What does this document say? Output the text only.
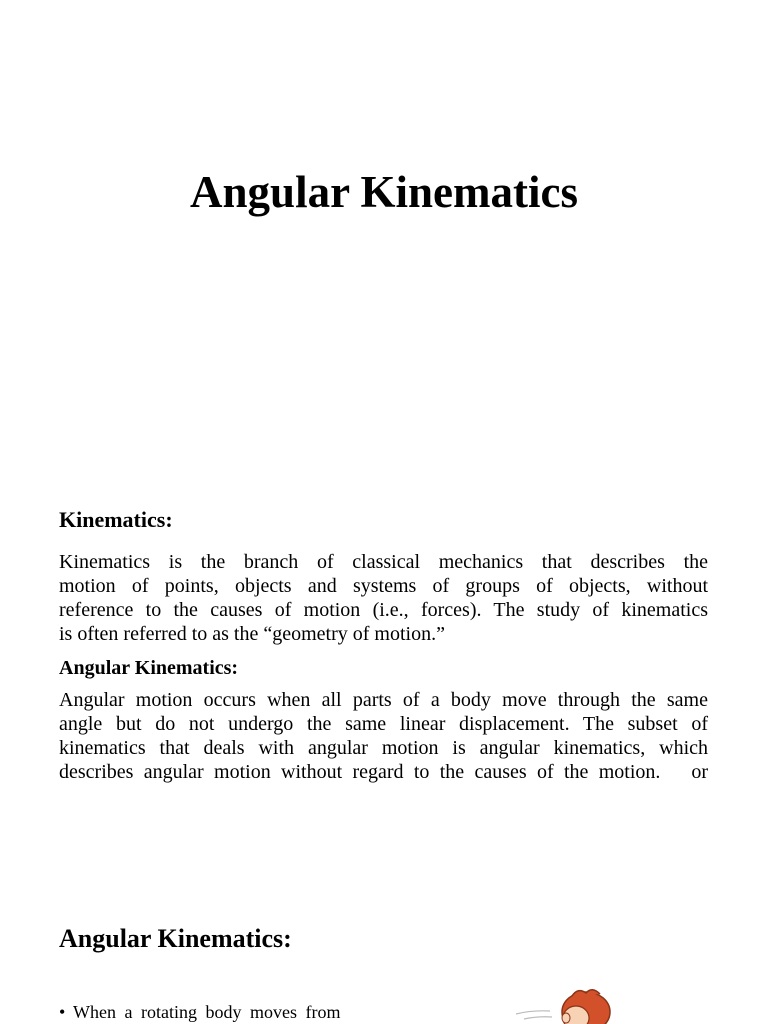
Angular Kinematics
Kinematics:

Kinematics is the branch of classical mechanics that describes the
motion of points, objects and systems of groups of objects, without
reference to the causes of motion (i.e., forces). The study of kinematics
is often referred to as the “geometry of motion.”

Angular Kinematics:

Angular motion occurs when all parts of a body move through the same
angle but do not undergo the same linear displacement. The subset of
kinematics that deals with angular motion is angular kinematics, which
describes angular motion without regard to the causes of the motion.   or

Angular Kinematics:
• When a rotating body moves from
